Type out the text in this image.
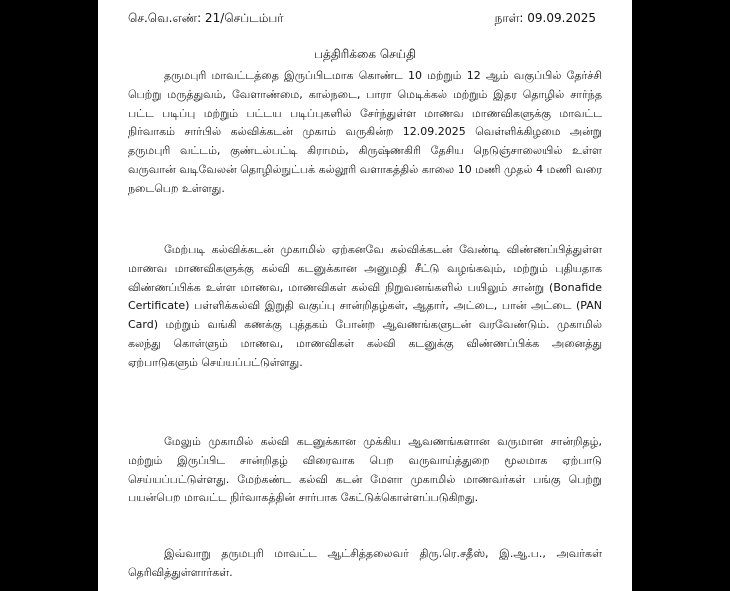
செ.வெ.எண்: 21/செப்டம்பர்	நாள்: 09.09.2025
பத்திரிக்கை செய்தி

தருமபுரி மாவட்டத்தை இருப்பிடமாக கொண்ட 10 மற்றும் 12 ஆம் வகுப்பில் தேர்ச்சி பெற்று மருத்துவம், வேளாண்மை, கால்நடை, பாரா மெடிக்கல் மற்றும் இதர தொழில் சார்ந்த பட்ட படிப்பு மற்றும் பட்டய படிப்புகளில் சேர்ந்துள்ள மாணவ மாணவிகளுக்கு மாவட்ட நிர்வாகம் சார்பில் கல்விக்கடன் முகாம் வருகின்ற 12.09.2025 வெள்ளிக்கிழமை அன்று தருமபுரி வட்டம், குண்டல்பட்டி கிராமம், கிருஷ்ணகிரி தேசிய நெடுஞ்சாலையில் உள்ள வருவான் வடிவேலன் தொழில்நுட்பக் கல்லூரி வளாகத்தில் காலை 10 மணி முதல் 4 மணி வரை நடைபெற உள்ளது.

மேற்படி கல்விக்கடன் முகாமில் ஏற்கனவே கல்விக்கடன் வேண்டி விண்ணப்பித்துள்ள மாணவ மாணவிகளுக்கு கல்வி கடனுக்கான அனுமதி சீட்டு வழங்கவும், மற்றும் புதியதாக விண்ணப்பிக்க உள்ள மாணவ, மாணவிகள் கல்வி நிறுவனங்களில் பயிலும் சான்று (Bonafide Certificate) பள்ளிக்கல்வி இறுதி வகுப்பு சான்றிதழ்கள், ஆதார், அட்டை, பான் அட்டை (PAN Card) மற்றும் வங்கி கணக்கு புத்தகம் போன்ற ஆவணங்களுடன் வரவேண்டும். முகாமில் கலந்து கொள்ளும் மாணவ, மாணவிகள் கல்வி கடனுக்கு விண்ணப்பிக்க அனைத்து ஏற்பாடுகளும் செய்யப்பட்டுள்ளது.

மேலும் முகாமில் கல்வி கடனுக்கான முக்கிய ஆவணங்களான வருமான சான்றிதழ், மற்றும் இருப்பிட சான்றிதழ் விரைவாக பெற வருவாய்த்துறை மூலமாக ஏற்பாடு செய்யப்பட்டுள்ளது. மேற்கண்ட கல்வி கடன் மேளா முகாமில் மாணவர்கள் பங்கு பெற்று பயன்பெற மாவட்ட நிர்வாகத்தின் சார்பாக கேட்டுக்கொள்ளப்படுகிறது.

இவ்வாறு தருமபுரி மாவட்ட ஆட்சித்தலைவர் திரு.ரெ.சதீஸ், இ.ஆ.ப., அவர்கள் தெரிவித்துள்ளார்கள்.
